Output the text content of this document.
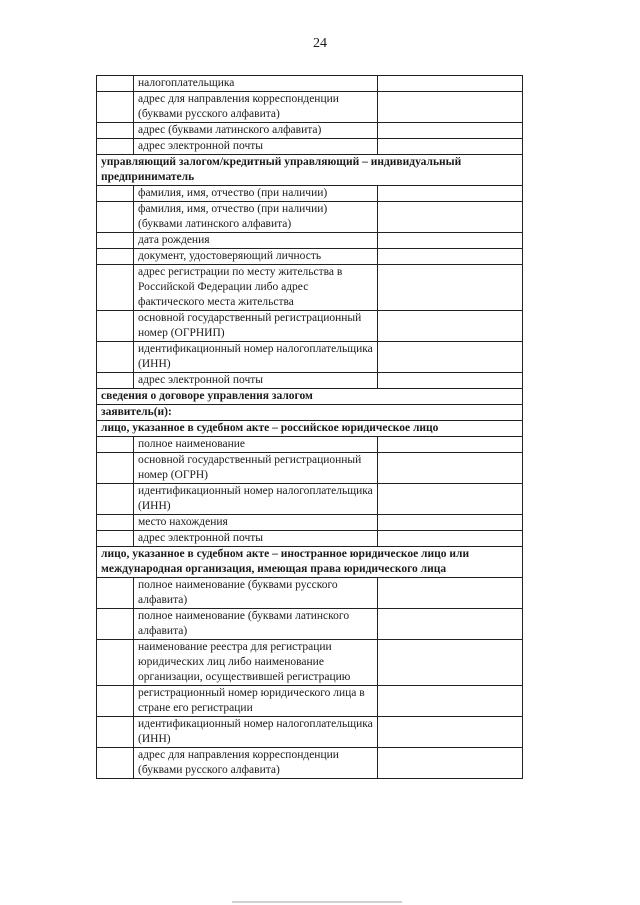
24
	налогоплательщика	
	адрес для направления корреспонденции (буквами русского алфавита)	
	адрес (буквами латинского алфавита)	
	адрес электронной почты	
управляющий залогом/кредитный управляющий – индивидуальный предприниматель		
	фамилия, имя, отчество (при наличии)	
	фамилия, имя, отчество (при наличии) (буквами латинского алфавита)	
	дата рождения	
	документ, удостоверяющий личность	
	адрес регистрации по месту жительства в Российской Федерации либо адрес фактического места жительства	
	основной государственный регистрационный номер (ОГРНИП)	
	идентификационный номер налогоплательщика (ИНН)	
	адрес электронной почты	
сведения о договоре управления залогом		
заявитель(и):		
лицо, указанное в судебном акте – российское юридическое лицо		
	полное наименование	
	основной государственный регистрационный номер (ОГРН)	
	идентификационный номер налогоплательщика (ИНН)	
	место нахождения	
	адрес электронной почты	
лицо, указанное в судебном акте – иностранное юридическое лицо или международная организация, имеющая права юридического лица		
	полное наименование (буквами русского алфавита)	
	полное наименование (буквами латинского алфавита)	
	наименование реестра для регистрации юридических лиц либо наименование организации, осуществившей регистрацию	
	регистрационный номер юридического лица в стране его регистрации	
	идентификационный номер налогоплательщика (ИНН)	
	адрес для направления корреспонденции (буквами русского алфавита)	
